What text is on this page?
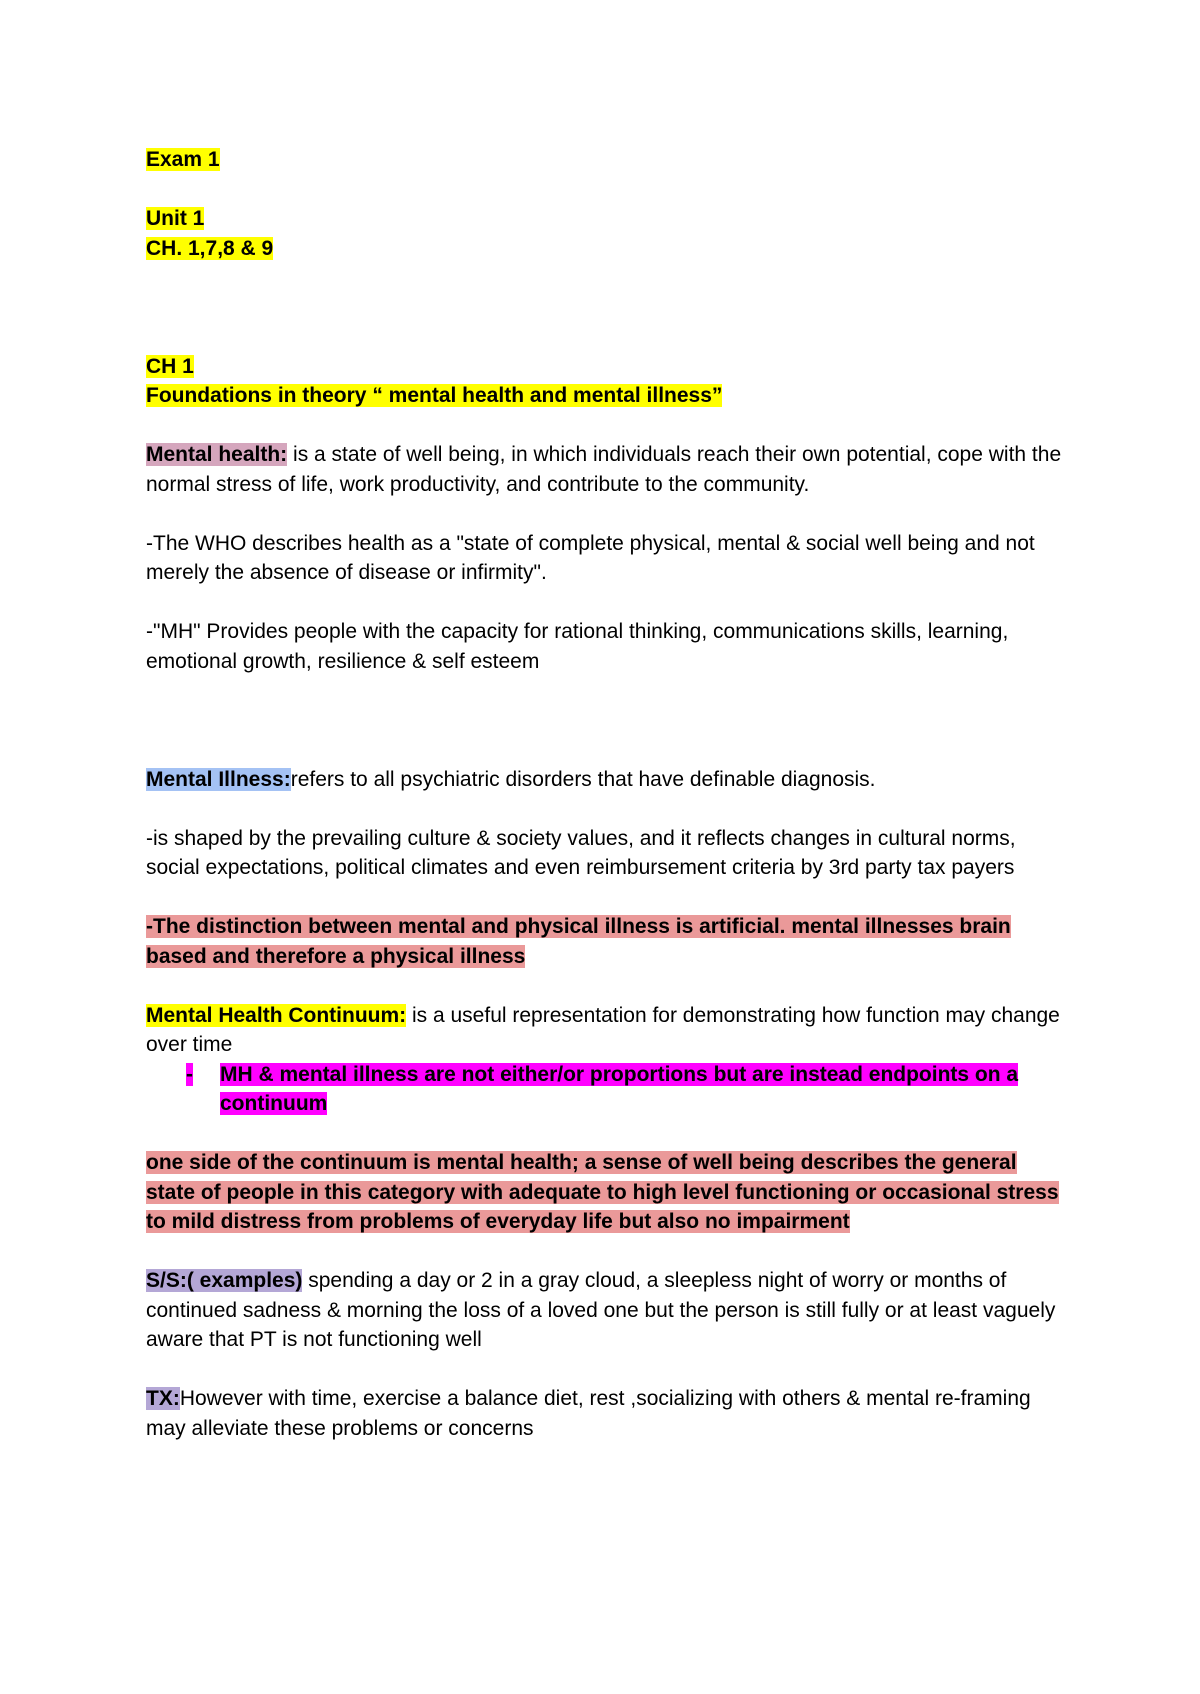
Exam 1

Unit 1

CH. 1,7,8 & 9

CH 1

Foundations in theory “ mental health and mental illness”

Mental health: is a state of well being, in which individuals reach their own potential, cope with the normal stress of life, work productivity, and contribute to the community.

-The WHO describes health as a "state of complete physical, mental & social well being and not merely the absence of disease or infirmity".

-"MH" Provides people with the capacity for rational thinking, communications skills, learning, emotional growth, resilience & self esteem

Mental Illness:refers to all psychiatric disorders that have definable diagnosis.

-is shaped by the prevailing culture & society values, and it reflects changes in cultural norms, social expectations, political climates and even reimbursement criteria by 3rd party tax payers

-The distinction between mental and physical illness is artificial. mental illnesses brain based and therefore a physical illness

Mental Health Continuum: is a useful representation for demonstrating how function may change over time

-	MH & mental illness are not either/or proportions but are instead endpoints on a continuum

one side of the continuum is mental health; a sense of well being describes the general state of people in this category with adequate to high level functioning or occasional stress to mild distress from problems of everyday life but also no impairment

S/S:( examples) spending a day or 2 in a gray cloud, a sleepless night of worry or months of continued sadness & morning the loss of a loved one but the person is still fully or at least vaguely aware that PT is not functioning well

TX:However with time, exercise a balance diet, rest ,socializing with others & mental re-framing may alleviate these problems or concerns
